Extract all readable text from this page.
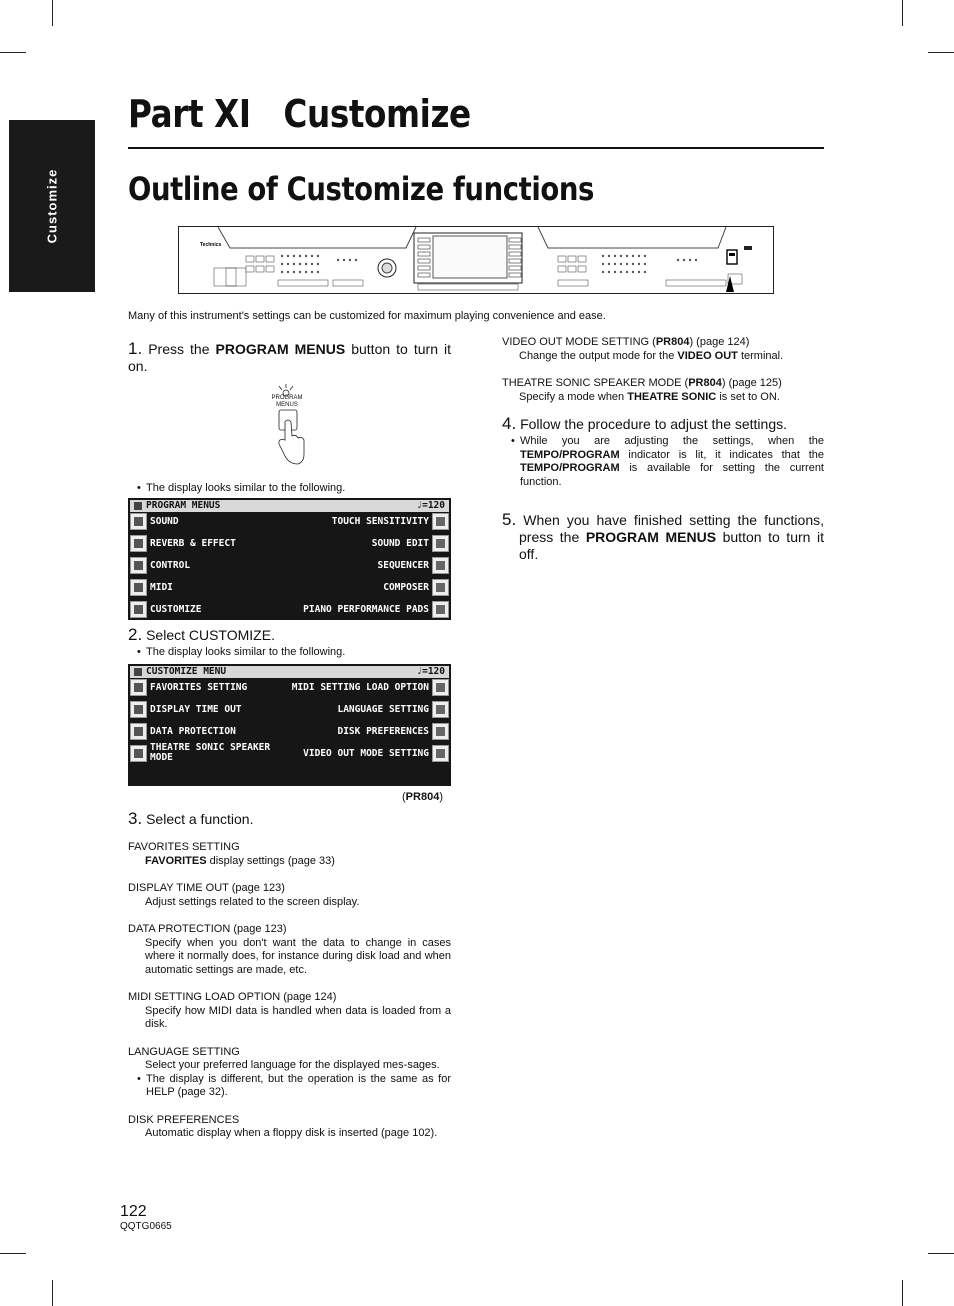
Customize
Part XI   Customize
Outline of Customize functions
Technics
Many of this instrument's settings can be customized for maximum playing convenience and ease.
1. Press the PROGRAM MENUS button to turn it on.
PROGRAM
MENUS
• The display looks similar to the following.
PROGRAM MENUS	♩=120
SOUND	TOUCH SENSITIVITY
REVERB & EFFECT	SOUND EDIT
CONTROL	SEQUENCER
MIDI	COMPOSER
CUSTOMIZE	PIANO PERFORMANCE PADS
2. Select CUSTOMIZE.
• The display looks similar to the following.
CUSTOMIZE MENU	♩=120
FAVORITES SETTING	MIDI SETTING LOAD OPTION
DISPLAY TIME OUT	LANGUAGE SETTING
DATA PROTECTION	DISK PREFERENCES
THEATRE SONIC SPEAKER
MODE	VIDEO OUT MODE SETTING
(PR804)
3. Select a function.

FAVORITES SETTING

FAVORITES display settings (page 33)

DISPLAY TIME OUT (page 123)

Adjust settings related to the screen display.

DATA PROTECTION (page 123)

Specify when you don't want the data to change in cases where it normally does, for instance during disk load and when automatic settings are made, etc.

MIDI SETTING LOAD OPTION (page 124)

Specify how MIDI data is handled when data is loaded from a disk.

LANGUAGE SETTING

Select your preferred language for the displayed mes-sages.

• The display is different, but the operation is the same as for HELP (page 32).

DISK PREFERENCES

Automatic display when a floppy disk is inserted (page 102).

VIDEO OUT MODE SETTING (PR804) (page 124)

Change the output mode for the VIDEO OUT terminal.

THEATRE SONIC SPEAKER MODE (PR804) (page 125)

Specify a mode when THEATRE SONIC is set to ON.

4. Follow the procedure to adjust the settings.

• While you are adjusting the settings, when the TEMPO/PROGRAM indicator is lit, it indicates that the TEMPO/PROGRAM is available for setting the current function.

5. When you have finished setting the functions, press the PROGRAM MENUS button to turn it off.
122
QQTG0665
